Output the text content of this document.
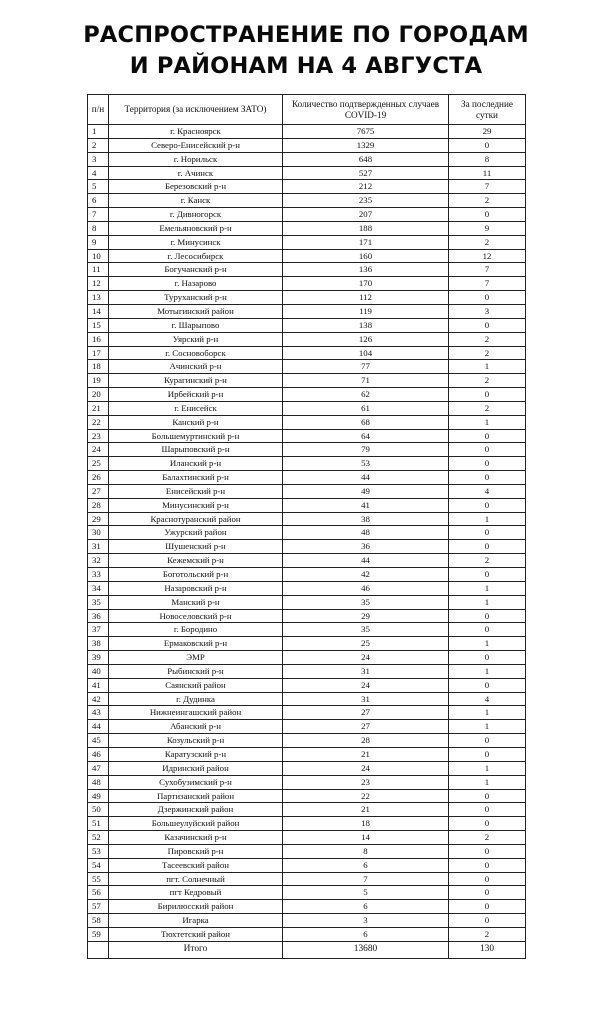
РАСПРОСТРАНЕНИЕ ПО ГОРОДАМ
И РАЙОНАМ НА 4 АВГУСТА
п/н	Территория (за исключением ЗАТО)	Количество подтвержденных случаев COVID-19	За последние сутки
1	г. Красноярск	7675	29
2	Северо-Енисейский р-н	1329	0
3	г. Норильск	648	8
4	г. Ачинск	527	11
5	Березовский р-н	212	7
6	г. Канск	235	2
7	г. Дивногорск	207	0
8	Емельяновский р-н	188	9
9	г. Минусинск	171	2
10	г. Лесосибирск	160	12
11	Богучанский р-н	136	7
12	г. Назарово	170	7
13	Туруханский р-н	112	0
14	Мотыгинский район	119	3
15	г. Шарыпово	138	0
16	Уярский р-н	126	2
17	г. Сосновоборск	104	2
18	Ачинский р-н	77	1
19	Курагинский р-н	71	2
20	Ирбейский р-н	62	0
21	г. Енисейск	61	2
22	Канский р-н	68	1
23	Большемуртинский р-н	64	0
24	Шарыповский р-н	79	0
25	Иланский р-н	53	0
26	Балахтинский р-н	44	0
27	Енисейский р-н	49	4
28	Минусинский р-н	41	0
29	Краснотуранский район	38	1
30	Ужурский район	48	0
31	Шушенский р-н	36	0
32	Кежемский р-н	44	2
33	Боготольский р-н	42	0
34	Назаровский р-н	46	1
35	Манский р-н	35	1
36	Новоселовский р-н	29	0
37	г. Бородино	35	0
38	Ермаковский р-н	25	1
39	ЭМР	24	0
40	Рыбинский р-н	31	1
41	Саянский район	24	0
42	г. Дудинка	31	4
43	Нижнеингашский район	27	1
44	Абанский р-н	27	1
45	Козульский р-н	28	0
46	Каратузский р-н	21	0
47	Идринский район	24	1
48	Сухобузимский р-н	23	1
49	Партизанский район	22	0
50	Дзержинский район	21	0
51	Большеулуйский район	18	0
52	Казачинский р-н	14	2
53	Пировский р-н	8	0
54	Тасеевский район	6	0
55	пгт. Солнечный	7	0
56	пгт Кедровый	5	0
57	Бирилюсский район	6	0
58	Игарка	3	0
59	Тюхтетский район	6	2
	Итого	13680	130
